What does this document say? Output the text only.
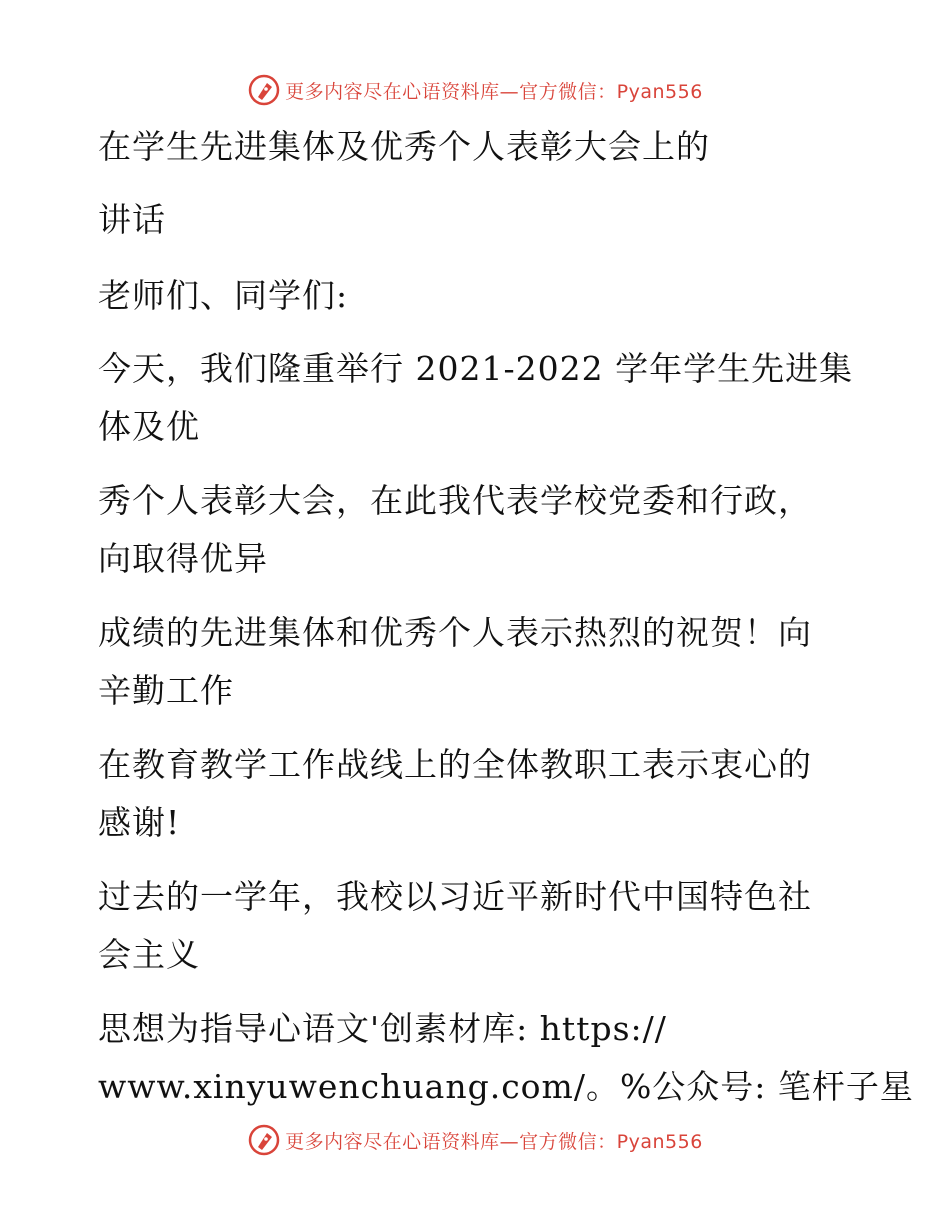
更多内容尽在心语资料库—官方微信：Pyan556

在学生先进集体及优秀个人表彰大会上的

讲话

老师们、同学们:

今天，我们隆重举行 2021-2022 学年学生先进集

体及优

秀个人表彰大会，在此我代表学校党委和行政，

向取得优异

成绩的先进集体和优秀个人表示热烈的祝贺！向

辛勤工作

在教育教学工作战线上的全体教职工表示衷心的

感谢!

过去的一学年，我校以习近平新时代中国特色社

会主义

思想为指导心语文'创素材库: https://

www.xinyuwenchuang.com/。%公众号: 笔杆子星

更多内容尽在心语资料库—官方微信：Pyan556
